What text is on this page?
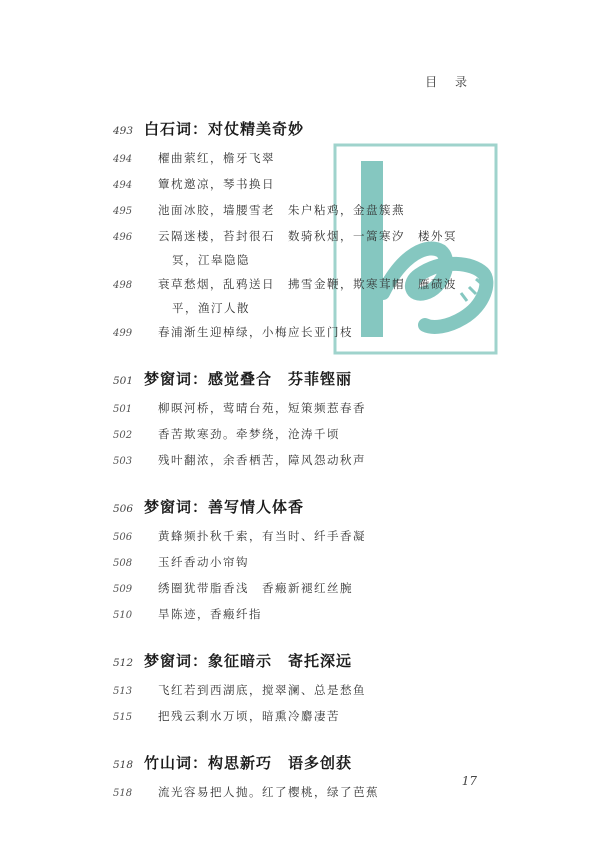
目 录
493 白石词：对仗精美奇妙
494	櫂曲萦红，檐牙飞翠
494	簟枕邀凉，琴书换日
495	池面冰胶，墙腰雪老　朱户粘鸡，金盘簇燕
496	云隔迷楼，苔封很石　数骑秋烟，一篙寒汐　楼外冥
冥，江皋隐隐
498	衰草愁烟，乱鸦送日　拂雪金鞭，欺寒茸帽　雁碛波
平，渔汀人散
499	春浦渐生迎棹绿，小梅应长亚门枝
501 梦窗词：感觉叠合　芬菲铿丽
501	柳暝河桥，莺晴台苑，短策频惹春香
502	香苦欺寒劲。牵梦绕，沧涛千顷
503	残叶翻浓，余香栖苦，障风怨动秋声
506 梦窗词：善写情人体香
506	黄蜂频扑秋千索，有当时、纤手香凝
508	玉纤香动小帘钩
509	绣圈犹带脂香浅　香瘢新褪红丝腕
510	旱陈迹，香瘢纤指
512 梦窗词：象征暗示　寄托深远
513	飞红若到西湖底，搅翠澜、总是愁鱼
515	把残云剩水万顷，暗熏冷麝凄苦
518 竹山词：构思新巧　语多创获
518	流光容易把人抛。红了樱桃，绿了芭蕉
17
